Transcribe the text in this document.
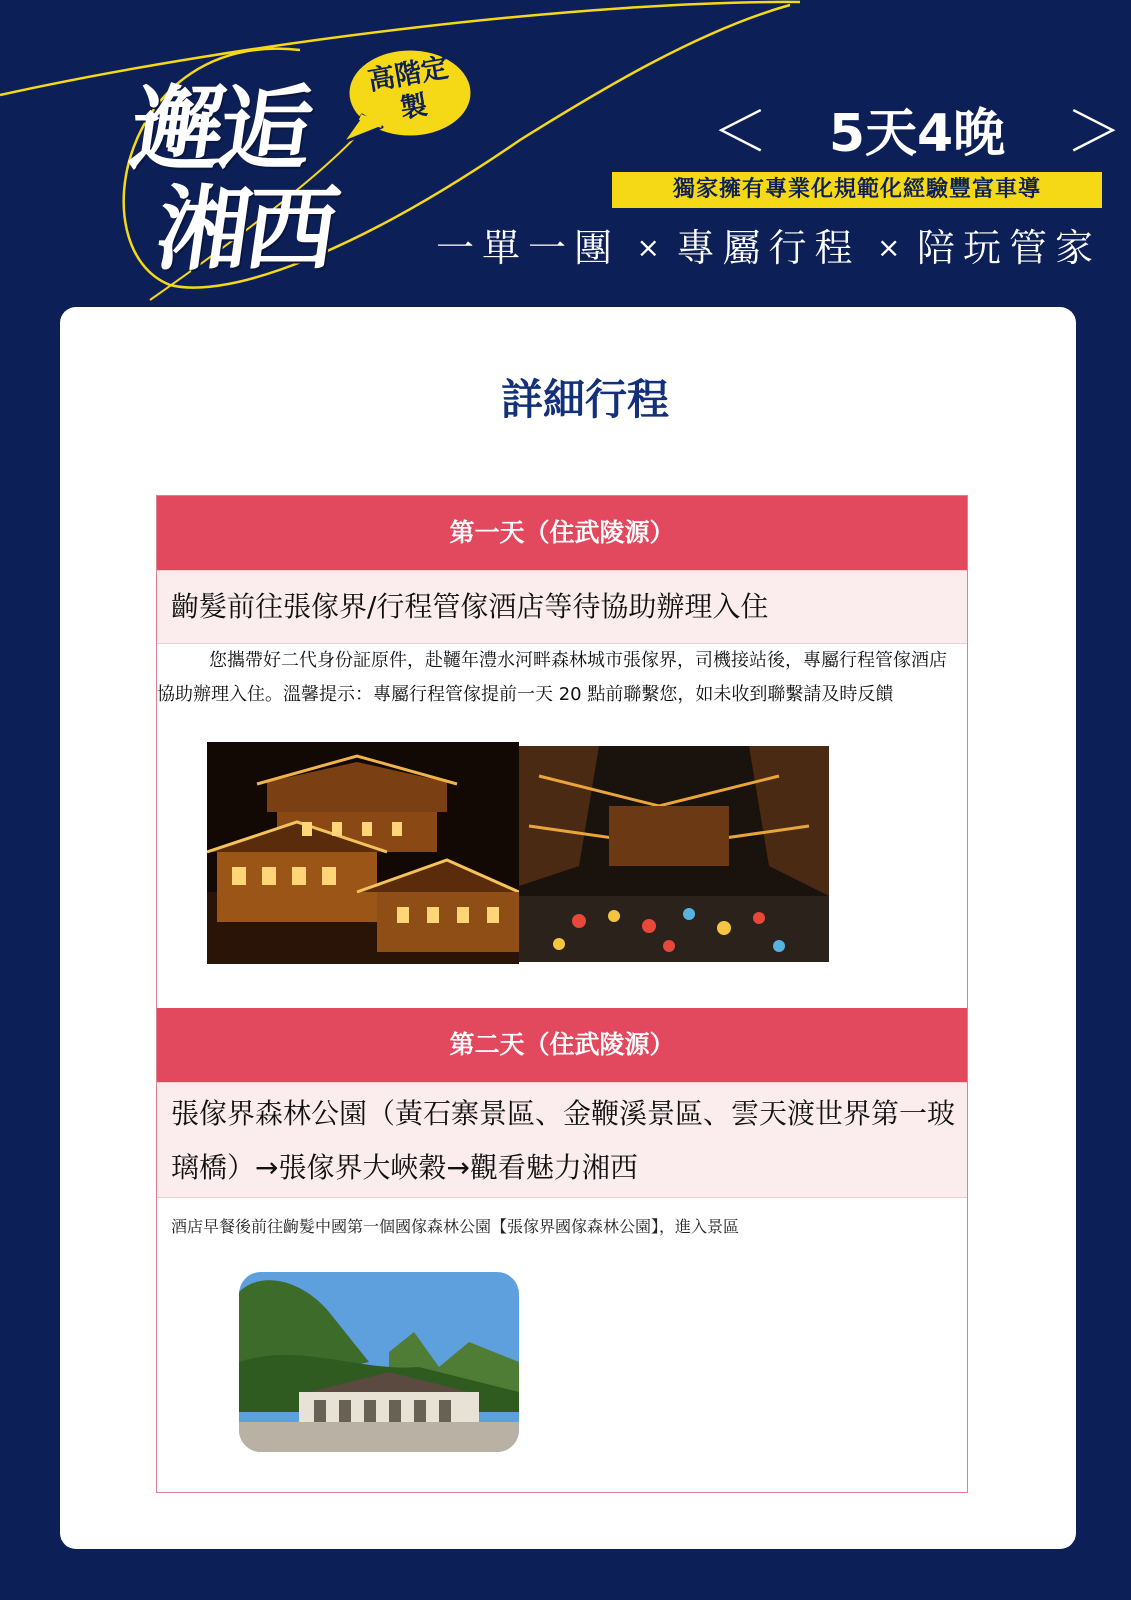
邂逅
湘西
高階定製	＜ 5天4晚 ＞
獨家擁有專業化規範化經驗豐富車導
一單一團 × 專屬行程 × 陪玩管家
詳細行程
第一天（住武陵源）
齣髮前往張傢界/行程管傢酒店等待協助辦理入住

您攜帶好二代身份証原件，赴韆年澧水河畔森林城市張傢界，司機接站後，專屬行程管傢酒店協助辦理入住。溫馨提示：專屬行程管傢提前一天 20 點前聯繫您，如未收到聯繫請及時反饋

第二天（住武陵源）
張傢界森林公園（黃石寨景區、金鞭溪景區、雲天渡世界第一玻璃橋）→張傢界大峽穀→觀看魅力湘西
酒店早餐後前往齣髮中國第一個國傢森林公園【張傢界國傢森林公園】，進入景區
